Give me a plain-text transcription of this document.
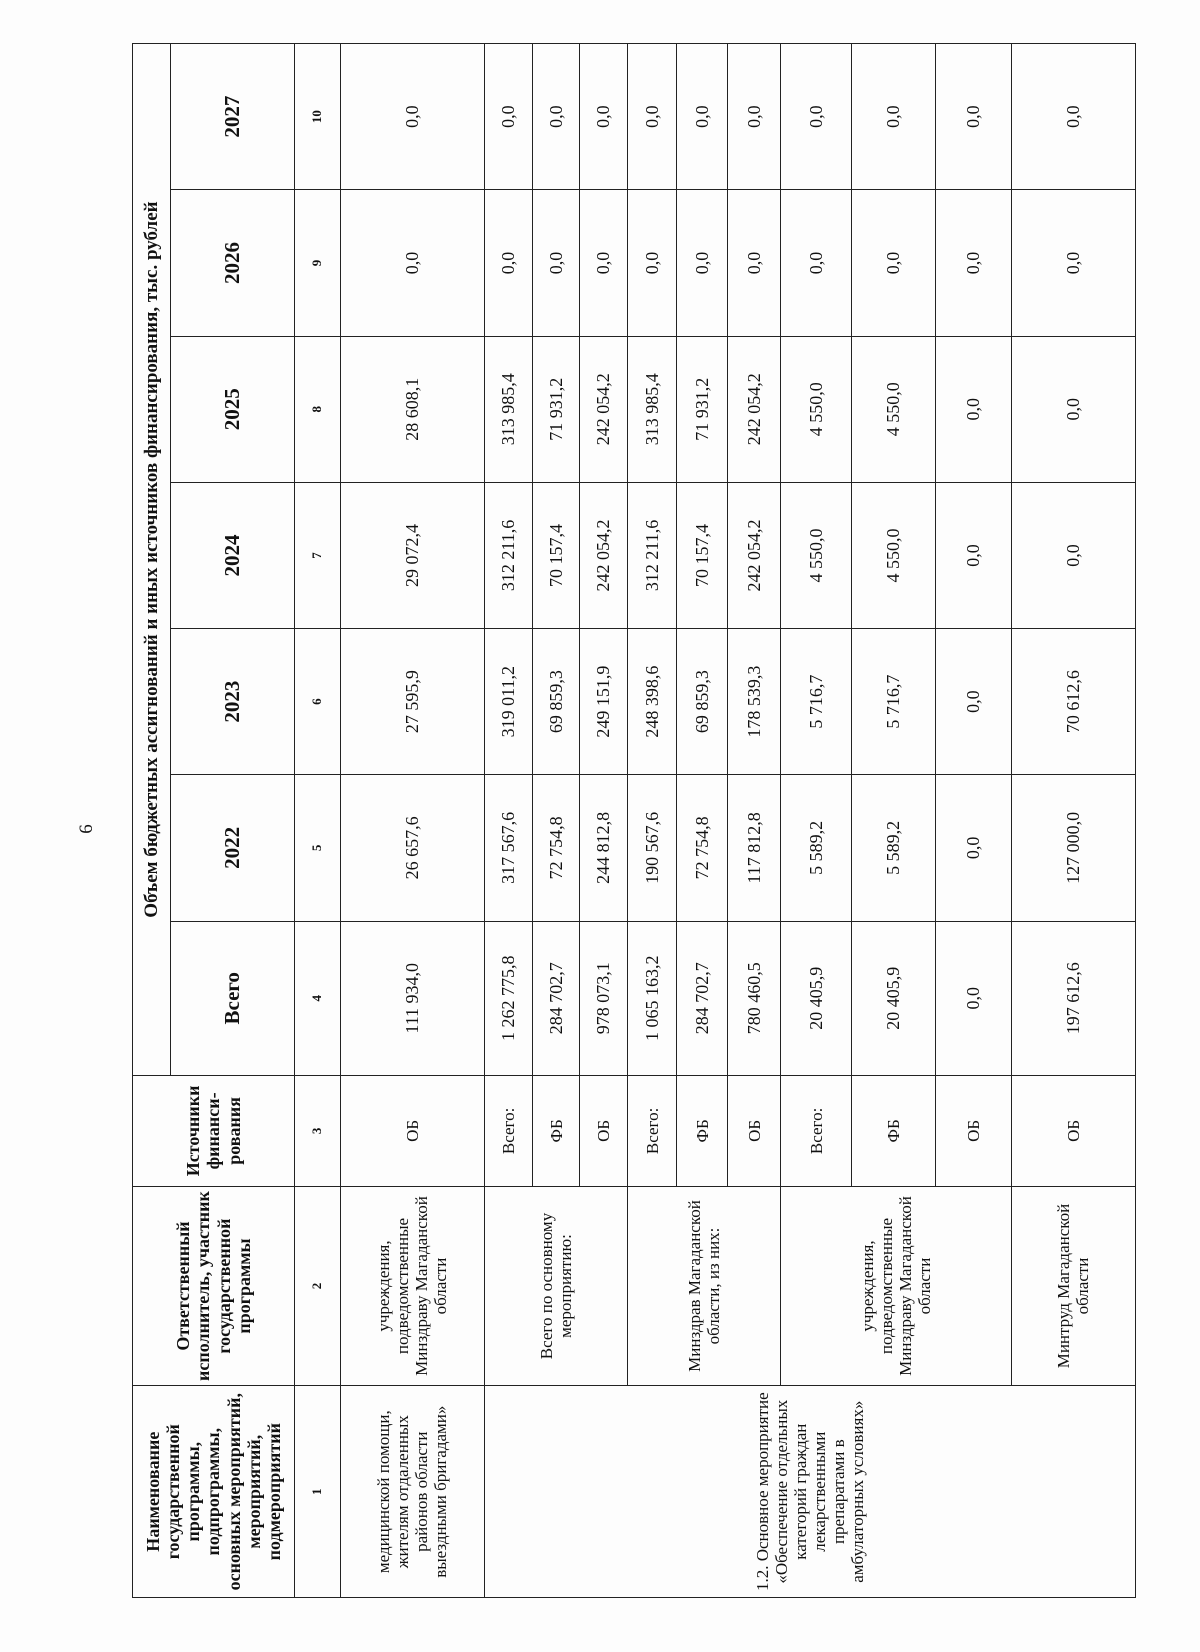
6
Наименование государственной программы, подпрограммы, основных мероприятий, мероприятий, подмероприятий	Ответственный исполнитель, участник государственной программы	Источники финанси-рования	Объем бюджетных ассигнований и иных источников финансирования, тыс. рублей						
			Всего	2022	2023	2024	2025	2026	2027
1	2	3	4	5	6	7	8	9	10
медицинской помощи, жителям отдаленных районов области выездными бригадами»	учреждения, подведомственные Минздраву Магаданской области	ОБ	111 934,0	26 657,6	27 595,9	29 072,4	28 608,1	0,0	0,0
1.2. Основное мероприятие «Обеспечение отдельных категорий граждан лекарственными препаратами в амбулаторных условиях»	Всего по основному мероприятию:	Всего:	1 262 775,8	317 567,6	319 011,2	312 211,6	313 985,4	0,0	0,0
		ФБ	284 702,7	72 754,8	69 859,3	70 157,4	71 931,2	0,0	0,0
		ОБ	978 073,1	244 812,8	249 151,9	242 054,2	242 054,2	0,0	0,0
	Минздрав Магаданской области, из них:	Всего:	1 065 163,2	190 567,6	248 398,6	312 211,6	313 985,4	0,0	0,0
		ФБ	284 702,7	72 754,8	69 859,3	70 157,4	71 931,2	0,0	0,0
		ОБ	780 460,5	117 812,8	178 539,3	242 054,2	242 054,2	0,0	0,0
	учреждения, подведомственные Минздраву Магаданской области	Всего:	20 405,9	5 589,2	5 716,7	4 550,0	4 550,0	0,0	0,0
		ФБ	20 405,9	5 589,2	5 716,7	4 550,0	4 550,0	0,0	0,0
		ОБ	0,0	0,0	0,0	0,0	0,0	0,0	0,0
	Минтруд Магаданской области	ОБ	197 612,6	127 000,0	70 612,6	0,0	0,0	0,0	0,0
